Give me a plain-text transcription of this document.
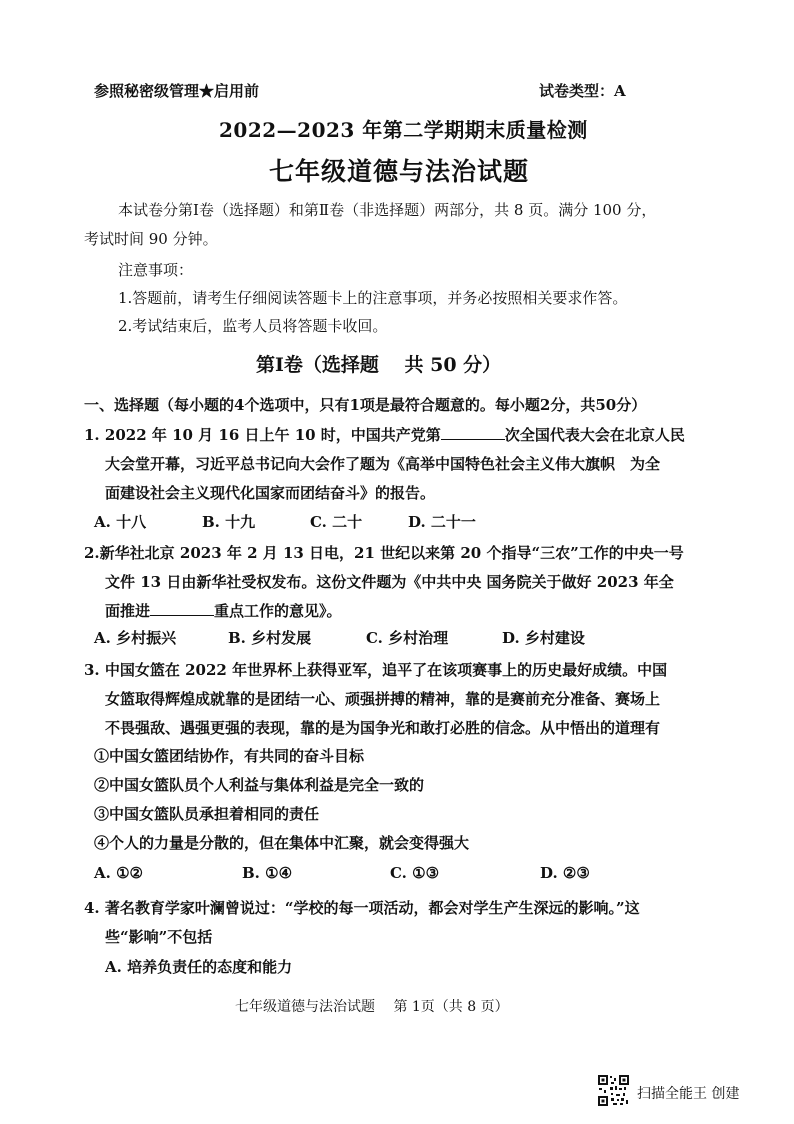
参照秘密级管理★启用前	试卷类型：A
2022—2023 年第二学期期末质量检测
七年级道德与法治试题
本试卷分第Ⅰ卷（选择题）和第Ⅱ卷（非选择题）两部分，共 8 页。满分 100 分，
考试时间 90 分钟。
注意事项：
1.答题前，请考生仔细阅读答题卡上的注意事项，并务必按照相关要求作答。
2.考试结束后，监考人员将答题卡收回。
第Ⅰ卷（选择题　 共 50 分）
一、选择题（每小题的4个选项中，只有1项是最符合题意的。每小题2分，共50分）
1. 2022 年 10 月 16 日上午 10 时，中国共产党第	次全国代表大会在北京人民
大会堂开幕，习近平总书记向大会作了题为《高举中国特色社会主义伟大旗帜　为全
面建设社会主义现代化国家而团结奋斗》的报告。
A. 十八	B. 十九	C. 二十	D. 二十一
2.新华社北京 2023 年 2 月 13 日电，21 世纪以来第 20 个指导“三农”工作的中央一号
文件 13 日由新华社受权发布。这份文件题为《中共中央 国务院关于做好 2023 年全
面推进	重点工作的意见》。
A. 乡村振兴	B. 乡村发展	C. 乡村治理	D. 乡村建设
3. 中国女篮在 2022 年世界杯上获得亚军，追平了在该项赛事上的历史最好成绩。中国
女篮取得辉煌成就靠的是团结一心、顽强拼搏的精神，靠的是赛前充分准备、赛场上
不畏强敌、遇强更强的表现，靠的是为国争光和敢打必胜的信念。从中悟出的道理有
①中国女篮团结协作，有共同的奋斗目标
②中国女篮队员个人利益与集体利益是完全一致的
③中国女篮队员承担着相同的责任
④个人的力量是分散的，但在集体中汇聚，就会变得强大
A. ①②	B. ①④	C. ①③	D. ②③
4. 著名教育学家叶澜曾说过：“学校的每一项活动，都会对学生产生深远的影响。”这
些“影响”不包括
A. 培养负责任的态度和能力
七年级道德与法治试题　 第 1页（共 8 页）
扫描全能王 创建
